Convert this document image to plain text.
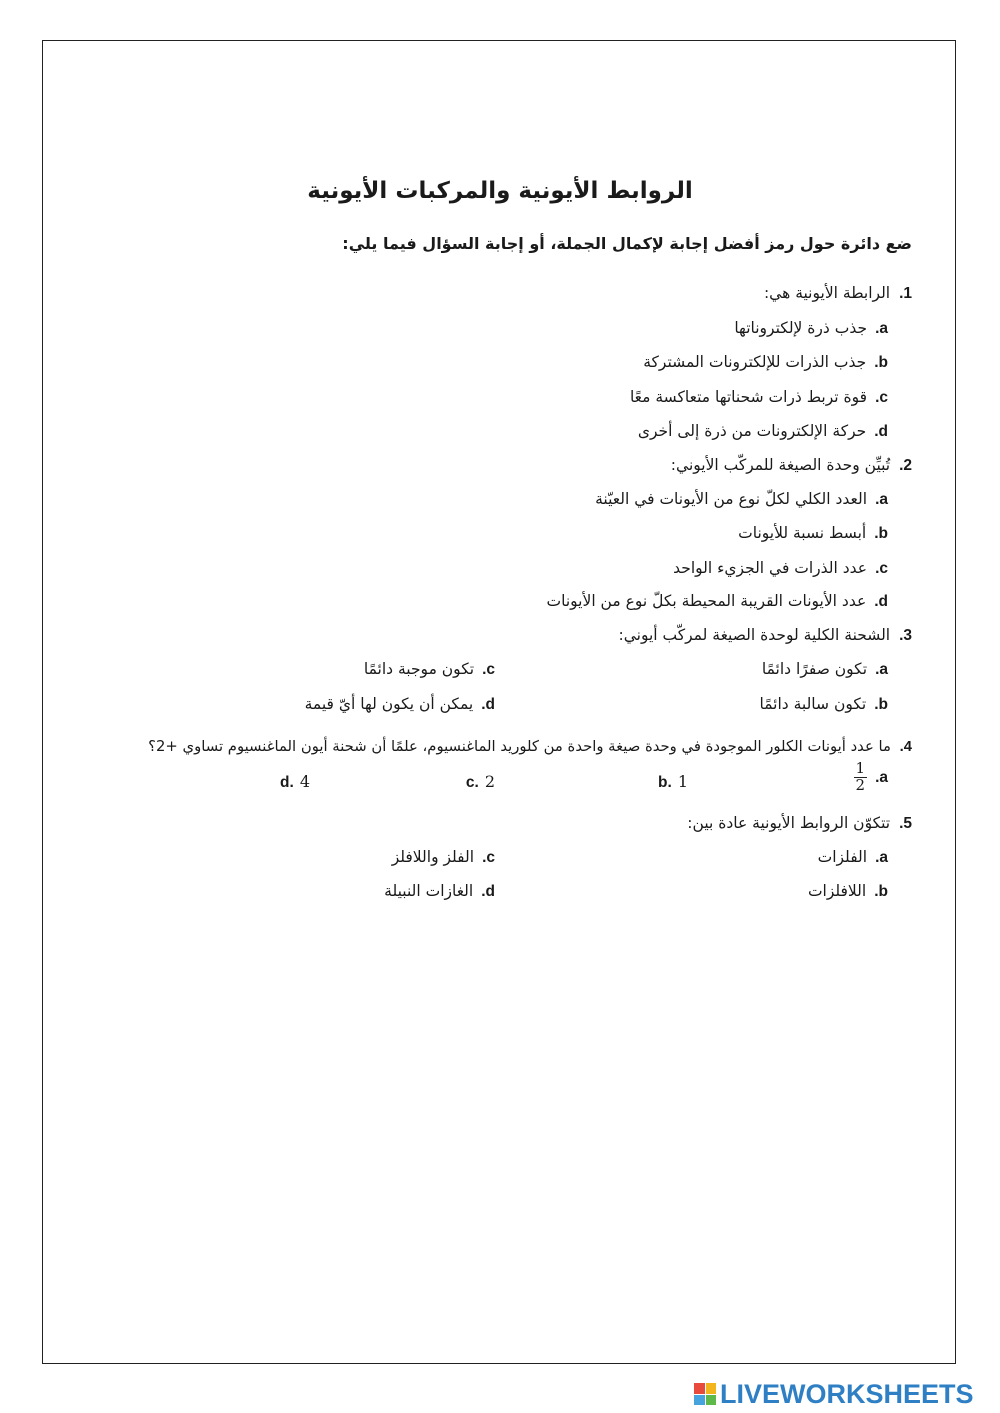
الروابط الأيونية والمركبات الأيونية
ضع دائرة حول رمز أفضل إجابة لإكمال الجملة، أو إجابة السؤال فيما يلي:
1. الرابطة الأيونية هي:
a.جذب ذرة لإلكتروناتها
b.جذب الذرات للإلكترونات المشتركة
c.قوة تربط ذرات شحناتها متعاكسة معًا
d.حركة الإلكترونات من ذرة إلى أخرى
2. تُبيِّن وحدة الصيغة للمركّب الأيوني:
a.العدد الكلي لكلّ نوع من الأيونات في العيّنة
b.أبسط نسبة للأيونات
c.عدد الذرات في الجزيء الواحد
d.عدد الأيونات القريبة المحيطة بكلّ نوع من الأيونات
3. الشحنة الكلية لوحدة الصيغة لمركّب أيوني:
a.تكون صفرًا دائمًا
c.تكون موجبة دائمًا
b.تكون سالبة دائمًا
d.يمكن أن يكون لها أيّ قيمة
4. ما عدد أيونات الكلور الموجودة في وحدة صيغة واحدة من كلوريد الماغنسيوم، علمًا أن شحنة أيون الماغنسيوم تساوي +2؟
a.
$\frac{1}{2}$
b. 1
c. 2
d. 4
5. تتكوّن الروابط الأيونية عادة بين:
a.الفلزات
c.الفلز واللافلز
b.اللافلزات
d.الغازات النبيلة
LIVEWORKSHEETS
